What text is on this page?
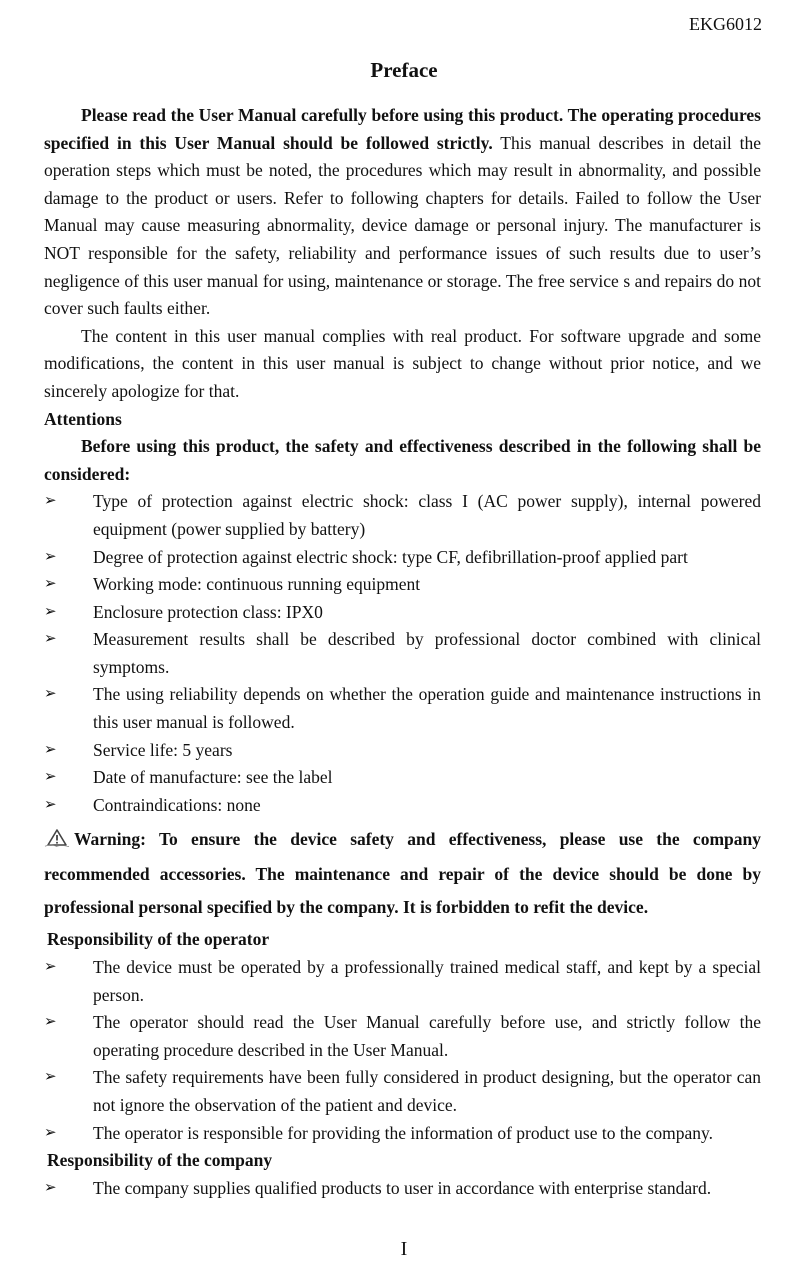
EKG6012
Preface

Please read the User Manual carefully before using this product. The operating procedures specified in this User Manual should be followed strictly. This manual describes in detail the operation steps which must be noted, the procedures which may result in abnormality, and possible damage to the product or users. Refer to following chapters for details. Failed to follow the User Manual may cause measuring abnormality, device damage or personal injury. The manufacturer is NOT responsible for the safety, reliability and performance issues of such results due to user’s negligence of this user manual for using, maintenance or storage. The free service s and repairs do not cover such faults either.

The content in this user manual complies with real product. For software upgrade and some modifications, the content in this user manual is subject to change without prior notice, and we sincerely apologize for that.

Attentions

Before using this product, the safety and effectiveness described in the following shall be considered:

➢ Type of protection against electric shock: class I (AC power supply), internal powered equipment (power supplied by battery)
➢ Degree of protection against electric shock: type CF, defibrillation-proof applied part
➢ Working mode: continuous running equipment
➢ Enclosure protection class: IPX0
➢ Measurement results shall be described by professional doctor combined with clinical symptoms.
➢ The using reliability depends on whether the operation guide and maintenance instructions in this user manual is followed.
➢ Service life: 5 years
➢ Date of manufacture: see the label
➢ Contraindications: none
Warning: To ensure the device safety and effectiveness, please use the company recommended accessories. The maintenance and repair of the device should be done by professional personal specified by the company. It is forbidden to refit the device.
Responsibility of the operator
➢ The device must be operated by a professionally trained medical staff, and kept by a special person.
➢ The operator should read the User Manual carefully before use, and strictly follow the operating procedure described in the User Manual.
➢ The safety requirements have been fully considered in product designing, but the operator can not ignore the observation of the patient and device.
➢ The operator is responsible for providing the information of product use to the company.
Responsibility of the company
➢ The company supplies qualified products to user in accordance with enterprise standard.
I
